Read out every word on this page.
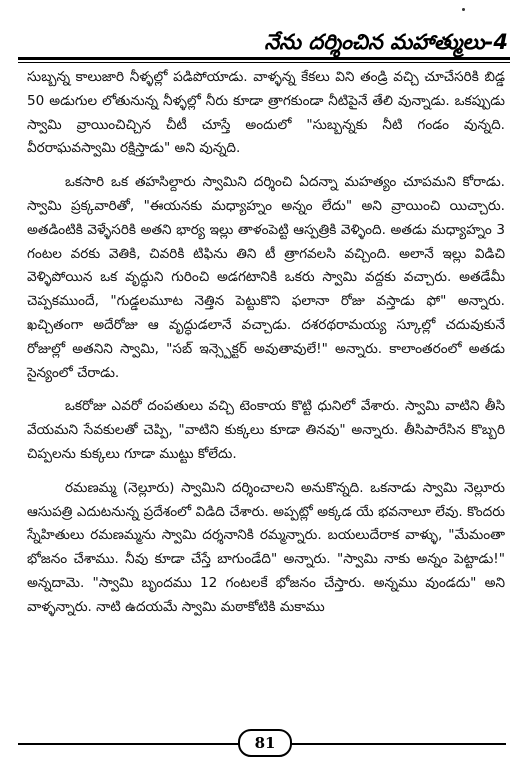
నేను దర్శించిన మహాత్ములు-4

సుబ్బన్న కాలుజారి నీళ్ళల్లో పడిపోయాడు. వాళ్ళన్న కేకలు విని తండ్రి వచ్చి చూచేసరికి బిడ్డ 50 అడుగుల లోతునున్న నీళ్ళల్లో నీరు కూడా త్రాగకుండా నీటిపైనే తేలి వున్నాడు. ఒకప్పుడు స్వామి వ్రాయించిచ్చిన చీటీ చూస్తే అందులో "సుబ్బన్నకు నీటి గండం వున్నది. వీరరాఘవస్వామి రక్షిస్తాడు" అని వున్నది.

ఒకసారి ఒక తహసిల్దారు స్వామిని దర్శించి ఏదన్నా మహత్యం చూపమని కోరాడు. స్వామి ప్రక్కవారితో, "ఈయనకు మధ్యాహ్నం అన్నం లేదు" అని వ్రాయించి యిచ్చారు. అతడింటికి వెళ్ళేసరికి అతని భార్య ఇల్లు తాళంపెట్టి ఆస్పత్రికి వెళ్ళింది. అతడు మధ్యాహ్నం 3 గంటల వరకు వెతికి, చివరికి టిఫిను తిని టీ త్రాగవలసి వచ్చింది. అలానే ఇల్లు విడిచి వెళ్ళిపోయిన ఒక వృద్ధుని గురించి అడగటానికి ఒకరు స్వామి వద్దకు వచ్చారు. అతడేమీ చెప్పకముందే, "గుడ్డలమూట నెత్తిన పెట్టుకొని ఫలానా రోజు వస్తాడు ఫో" అన్నారు. ఖచ్చితంగా అదేరోజు ఆ వృద్ధుడలానే వచ్చాడు. దశరథరామయ్య స్కూల్లో చదువుకునే రోజుల్లో అతనిని స్వామి, "సబ్ ఇన్స్పెక్టర్ అవుతావులే!" అన్నారు. కాలాంతరంలో అతడు సైన్యంలో చేరాడు.

ఒకరోజు ఎవరో దంపతులు వచ్చి టెంకాయ కొట్టి ధునిలో వేశారు. స్వామి వాటిని తీసి వేయమని సేవకులతో చెప్పి, "వాటిని కుక్కలు కూడా తినవు" అన్నారు. తీసిపారేసిన కొబ్బరి చిప్పలను కుక్కలు గూడా ముట్టు కోలేదు.

రమణమ్మ (నెల్లూరు) స్వామిని దర్శించాలని అనుకొన్నది. ఒకనాడు స్వామి నెల్లూరు ఆసుపత్రి ఎదుటనున్న ప్రదేశంలో విడిది చేశారు. అప్పట్లో అక్కడ యే భవనాలూ లేవు. కొందరు స్నేహితులు రమణమ్మను స్వామి దర్శనానికి రమ్మన్నారు. బయలుదేరాక వాళ్ళు, "మేమంతా భోజనం చేశాము. నీవు కూడా చేస్తే బాగుండేది" అన్నారు. "స్వామి నాకు అన్నం పెట్టాడు!" అన్నదామె. "స్వామి బృందము 12 గంటలకే భోజనం చేస్తారు. అన్నము వుండదు" అని వాళ్ళన్నారు. నాటి ఉదయమే స్వామి మఠాకోటికి మకాము

81
